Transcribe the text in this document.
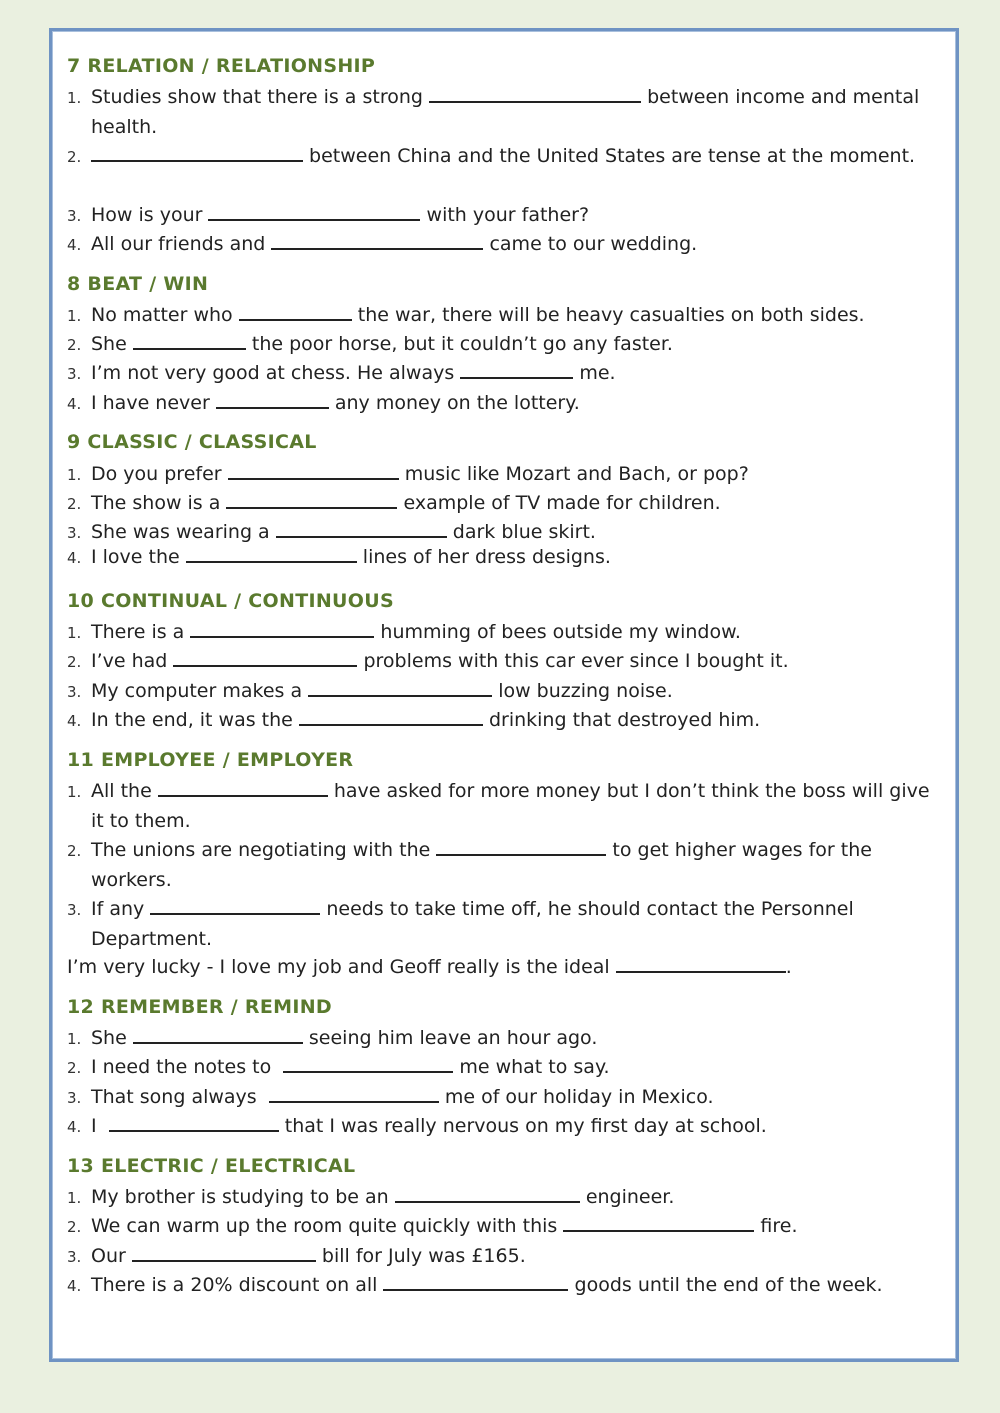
7 RELATION / RELATIONSHIP
1. Studies show that there is a strong	between income and mental health.
2.	between China and the United States are tense at the moment.
3. How is your	with your father?
4. All our friends and	came to our wedding.
8 BEAT / WIN
1. No matter who	the war, there will be heavy casualties on both sides.
2. She	the poor horse, but it couldn’t go any faster.
3. I’m not very good at chess. He always	me.
4. I have never	any money on the lottery.
9 CLASSIC / CLASSICAL
1. Do you prefer	music like Mozart and Bach, or pop?
2. The show is a	example of TV made for children.
3. She was wearing a	dark blue skirt.
4. I love the	lines of her dress designs.
10 CONTINUAL / CONTINUOUS
1. There is a	humming of bees outside my window.
2. I’ve had	problems with this car ever since I bought it.
3. My computer makes a	low buzzing noise.
4. In the end, it was the	drinking that destroyed him.
11 EMPLOYEE / EMPLOYER
1. All the	have asked for more money but I don’t think the boss will give it to them.
2. The unions are negotiating with the	to get higher wages for the workers.
3. If any	needs to take time off, he should contact the Personnel Department.
I’m very lucky - I love my job and Geoff really is the ideal	.
12 REMEMBER / REMIND
1. She	seeing him leave an hour ago.
2. I need the notes to	me what to say.
3. That song always	me of our holiday in Mexico.
4. I	that I was really nervous on my first day at school.
13 ELECTRIC / ELECTRICAL
1. My brother is studying to be an	engineer.
2. We can warm up the room quite quickly with this	fire.
3. Our	bill for July was £165.
4. There is a 20% discount on all	goods until the end of the week.
